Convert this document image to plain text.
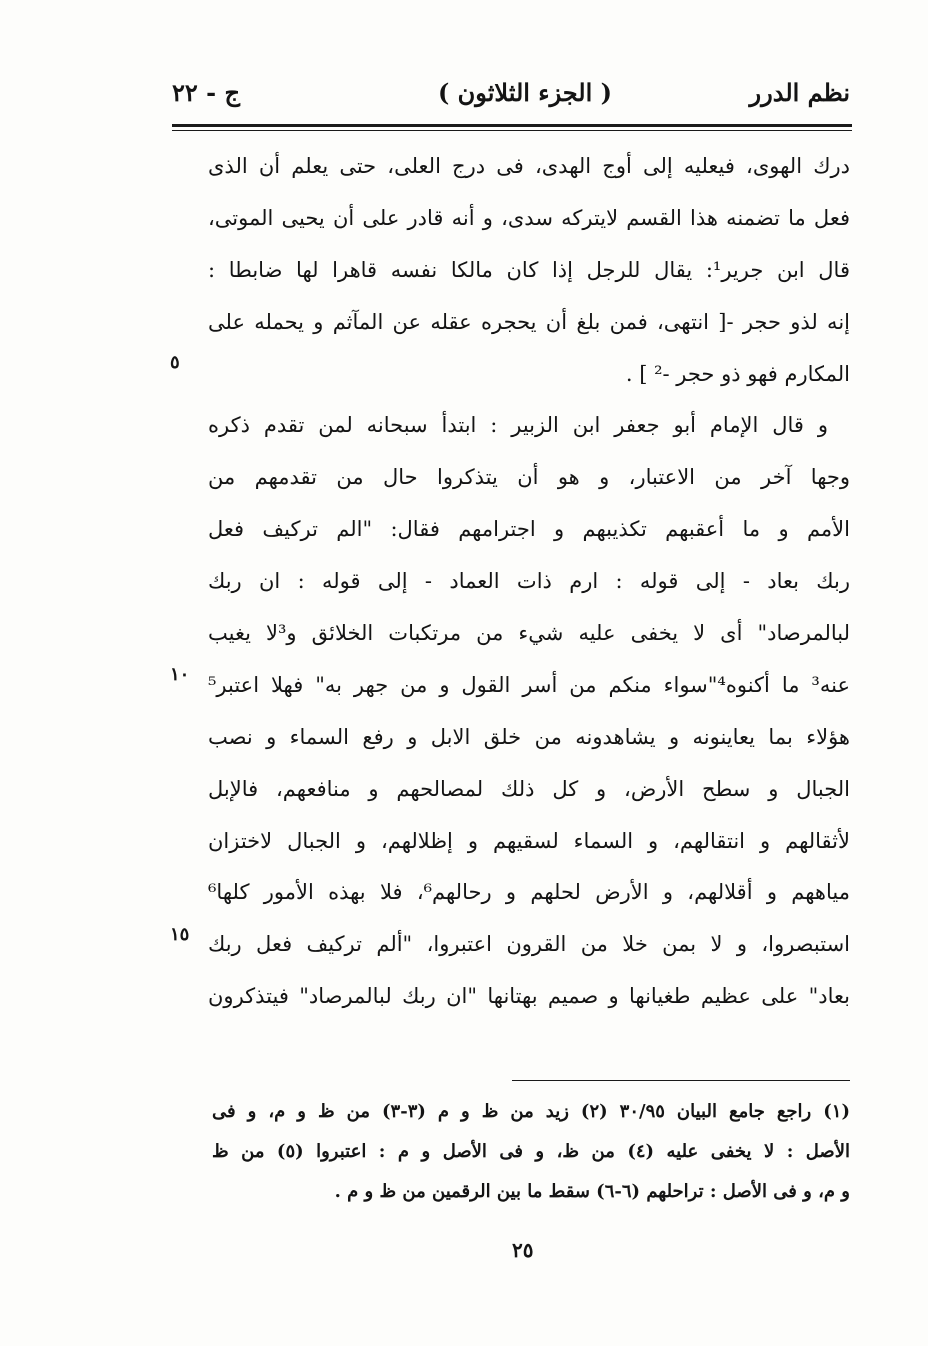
نظم الدرر
( الجزء الثلاثون )
ج - ٢٢
درك الهوى، فيعليه إلى أوج الهدى، فى درج العلى، حتى يعلم أن الذى
فعل ما تضمنه هذا القسم لايتركه سدى، و أنه قادر على أن يحيى الموتى،
قال ابن جرير¹: يقال للرجل إذا كان مالكا نفسه قاهرا لها ضابطا :
إنه لذو حجر -[ انتهى، فمن بلغ أن يحجره عقله عن المآثم و يحمله على
المكارم فهو ذو حجر -² ] .
و قال الإمام أبو جعفر ابن الزبير : ابتدأ سبحانه لمن تقدم ذكره
وجها آخر من الاعتبار، و هو أن يتذكروا حال من تقدمهم من
الأمم و ما أعقبهم تكذيبهم و اجترامهم فقال: "الم تركيف فعل
ربك بعاد - إلى قوله : ارم ذات العماد - إلى قوله : ان ربك
لبالمرصاد" أى لا يخفى عليه شيء من مرتكبات الخلائق و³لا يغيب
عنه³ ما أكنوه⁴"سواء منكم من أسر القول و من جهر به" فهلا اعتبر⁵
هؤلاء بما يعاينونه و يشاهدونه من خلق الابل و رفع السماء و نصب
الجبال و سطح الأرض، و كل ذلك لمصالحهم و منافعهم، فالإبل
لأثقالهم و انتقالهم، و السماء لسقيهم و إظلالهم، و الجبال لاختزان
مياههم و أقلالهم، و الأرض لحلهم و رحالهم⁶، فلا بهذه الأمور كلها⁶
استبصروا، و لا بمن خلا من القرون اعتبروا، "ألم تركيف فعل ربك
بعاد" على عظيم طغيانها و صميم بهتانها "ان ربك لبالمرصاد" فيتذكرون
٥
١٠
١٥
(١) راجع جامع البيان ٣٠/٩٥ (٢) زيد من ظ و م (٣-٣) من ظ و م، و فى
الأصل : لا يخفى عليه (٤) من ظ، و فى الأصل و م : اعتبروا (٥) من ظ
و م، و فى الأصل : تراحلهم (٦-٦) سقط ما بين الرقمين من ظ و م .
٢٥
